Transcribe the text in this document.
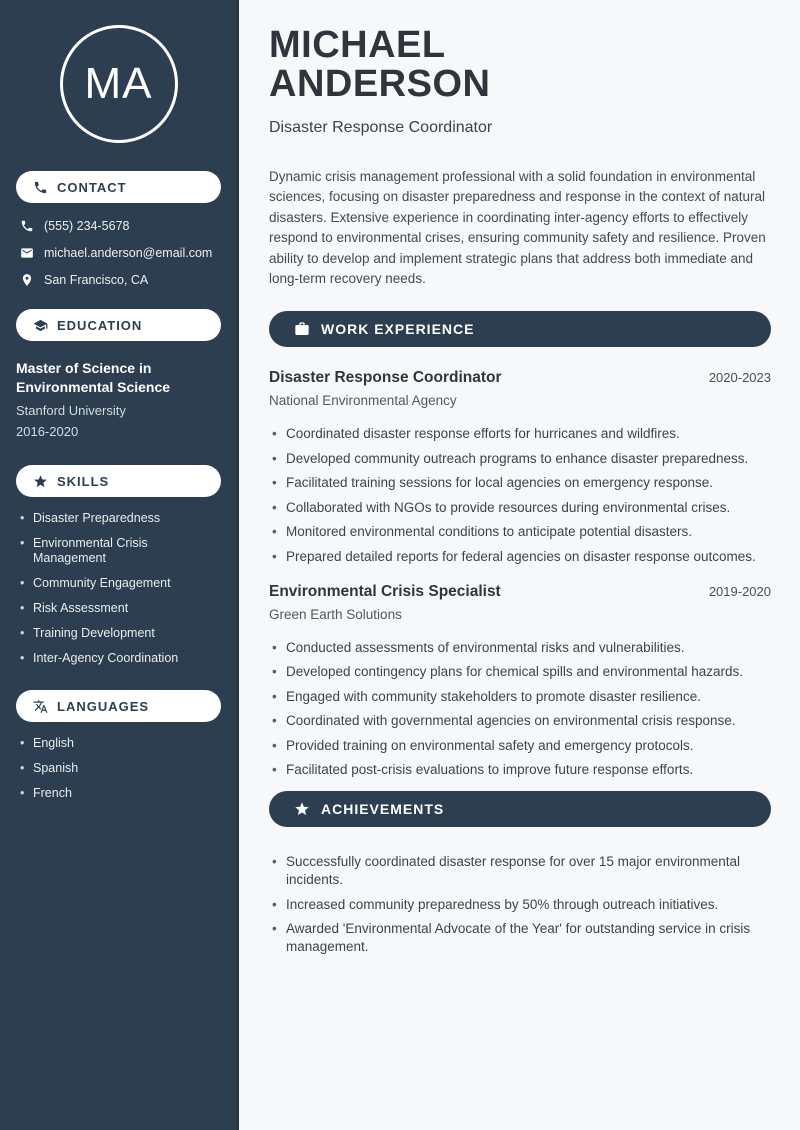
MA
CONTACT
(555) 234-5678
michael.anderson@email.com
San Francisco, CA
EDUCATION
Master of Science in Environmental Science
Stanford University
2016-2020
SKILLS
• Disaster Preparedness
• Environmental Crisis Management
• Community Engagement
• Risk Assessment
• Training Development
• Inter-Agency Coordination
LANGUAGES
• English
• Spanish
• French
MICHAEL ANDERSON
Disaster Response Coordinator

Dynamic crisis management professional with a solid foundation in environmental sciences, focusing on disaster preparedness and response in the context of natural disasters. Extensive experience in coordinating inter-agency efforts to effectively respond to environmental crises, ensuring community safety and resilience. Proven ability to develop and implement strategic plans that address both immediate and long-term recovery needs.

WORK EXPERIENCE
Disaster Response Coordinator	2020-2023
National Environmental Agency
• Coordinated disaster response efforts for hurricanes and wildfires.
• Developed community outreach programs to enhance disaster preparedness.
• Facilitated training sessions for local agencies on emergency response.
• Collaborated with NGOs to provide resources during environmental crises.
• Monitored environmental conditions to anticipate potential disasters.
• Prepared detailed reports for federal agencies on disaster response outcomes.
Environmental Crisis Specialist	2019-2020
Green Earth Solutions
• Conducted assessments of environmental risks and vulnerabilities.
• Developed contingency plans for chemical spills and environmental hazards.
• Engaged with community stakeholders to promote disaster resilience.
• Coordinated with governmental agencies on environmental crisis response.
• Provided training on environmental safety and emergency protocols.
• Facilitated post-crisis evaluations to improve future response efforts.
ACHIEVEMENTS
• Successfully coordinated disaster response for over 15 major environmental incidents.
• Increased community preparedness by 50% through outreach initiatives.
• Awarded 'Environmental Advocate of the Year' for outstanding service in crisis management.
